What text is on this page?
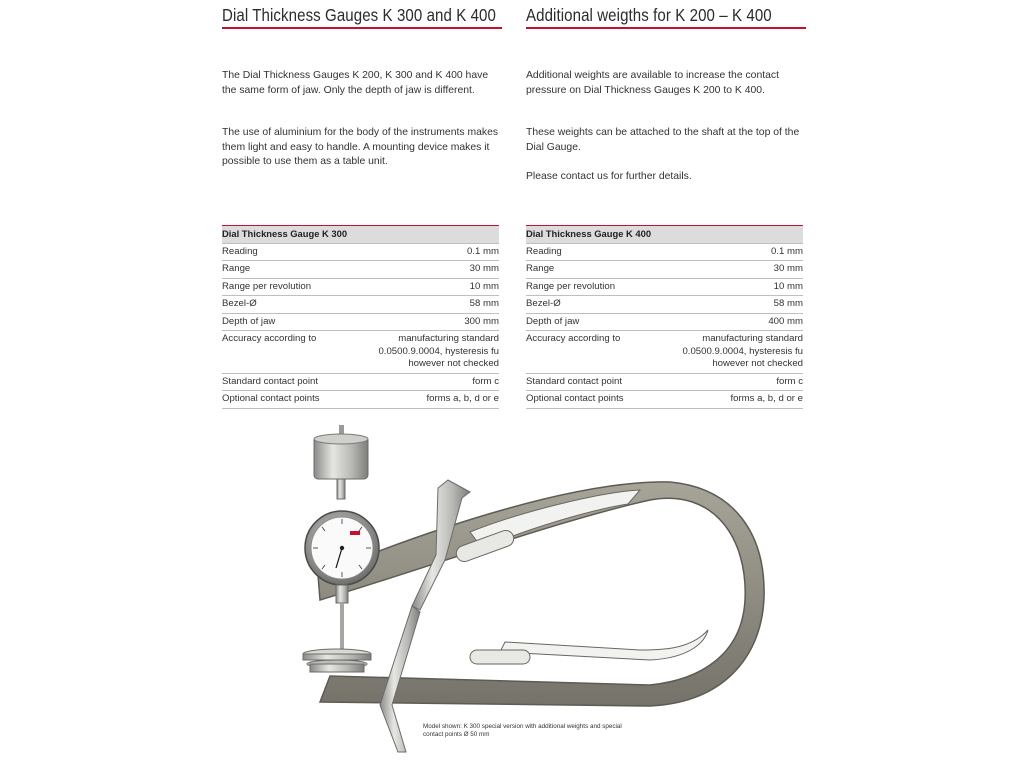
Dial Thickness Gauges K 300 and K 400

The Dial Thickness Gauges K 200, K 300 and K 400 have the same form of jaw. Only the depth of jaw is different.

The use of aluminium for the body of the instruments makes them light and easy to handle. A mounting device makes it possible to use them as a table unit.

Dial Thickness Gauge K 300	
Reading	0.1 mm
Range	30 mm
Range per revolution	10 mm
Bezel-Ø	58 mm
Depth of jaw	300 mm
Accuracy according to	manufacturing standard 0.0500.9.0004, hysteresis fu however not checked
Standard contact point	form c
Optional contact points	forms a, b, d or e
Additional weigths for K 200 – K 400

Additional weights are available to increase the contact pressure on Dial Thickness Gauges K 200 to K 400.

These weights can be attached to the shaft at the top of the Dial Gauge.

Please contact us for further details.

Dial Thickness Gauge K 400	
Reading	0.1 mm
Range	30 mm
Range per revolution	10 mm
Bezel-Ø	58 mm
Depth of jaw	400 mm
Accuracy according to	manufacturing standard 0.0500.9.0004, hysteresis fu however not checked
Standard contact point	form c
Optional contact points	forms a, b, d or e
Model shown: K 300 special version with additional weights and special contact points Ø 50 mm
